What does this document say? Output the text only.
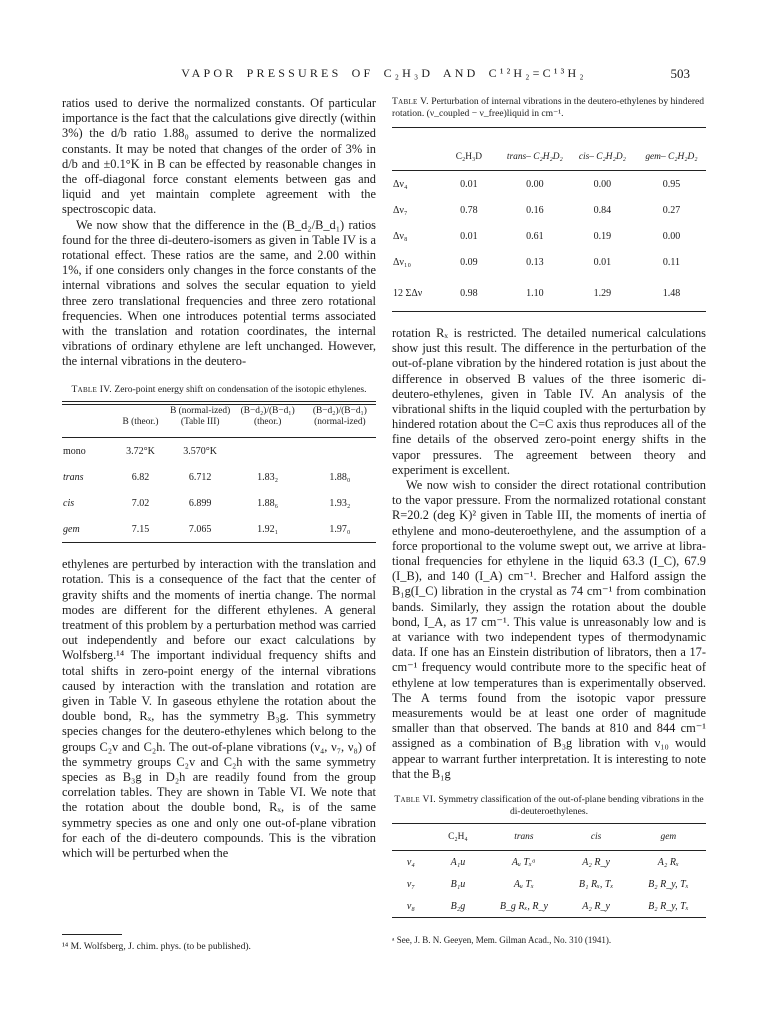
VAPOR PRESSURES OF C₂H₃D AND C¹²H₂=C¹³H₂	503

ratios used to derive the normalized constants. Of particular importance is the fact that the calculations give directly (within 3%) the d/b ratio 1.88₀ assumed to derive the normalized constants. It may be noted that changes of the order of 3% in d/b and ±0.1°K in B can be effected by reasonable changes in the off-diagonal force constant elements between gas and liquid and yet maintain complete agreement with the spectroscopic data.

We now show that the difference in the (B_d₂/B_d₁) ratios found for the three di-deutero-isomers as given in Table IV is a rotational effect. These ratios are the same, and 2.00 within 1%, if one considers only changes in the force constants of the internal vibrations and solves the secular equation to yield three zero translational frequencies and three zero rotational frequencies. When one introduces potential terms associated with the translation and rotation coordinates, the internal vibrations of ordinary ethylene are left unchanged. However, the internal vibrations in the deutero-

Table IV. Zero-point energy shift on condensation of the isotopic ethylenes.

	B (theor.)	B (normal-ized) (Table III)	(B−d₂)/(B−d₁) (theor.)	(B−d₂)/(B−d₁) (normal-ized)

mono	3.72°K	3.570°K		
trans	6.82	6.712	1.83₂	1.88₀
cis	7.02	6.899	1.88₆	1.93₂
gem	7.15	7.065	1.92₁	1.97₀

ethylenes are perturbed by interaction with the translation and rotation. This is a consequence of the fact that the center of gravity shifts and the moments of inertia change. The normal modes are different for the different ethylenes. A general treatment of this problem by a perturbation method was carried out independently and before our exact calculations by Wolfsberg.¹⁴ The important individual frequency shifts and total shifts in zero-point energy of the internal vibrations caused by interaction with the translation and rotation are given in Table V. In gaseous ethylene the rotation about the double bond, Rₓ, has the symmetry B₃g. This symmetry species changes for the deutero-ethylenes which belong to the groups C₂v and C₂h. The out-of-plane vibrations (ν₄, ν₇, ν₈) of the symmetry groups C₂v and C₂h with the same symmetry species as B₃g in D₂h are readily found from the group correlation tables. They are shown in Table VI. We note that the rotation about the double bond, Rₓ, is of the same symmetry species as one and only one out-of-plane vibration for each of the di-deutero compounds. This is the vibration which will be perturbed when the

¹⁴ M. Wolfsberg, J. chim. phys. (to be published).

Table V. Perturbation of internal vibrations in the deutero-ethylenes by hindered rotation. (ν_coupled − ν_free)liquid in cm⁻¹.

	C₂H₃D	trans– C₂H₂D₂	cis– C₂H₂D₂	gem– C₂H₂D₂

Δν₄	0.01	0.00	0.00	0.95
Δν₇	0.78	0.16	0.84	0.27
Δν₈	0.01	0.61	0.19	0.00
Δν₁₀	0.09	0.13	0.01	0.11
12 ΣΔν	0.98	1.10	1.29	1.48

rotation Rₓ is restricted. The detailed numerical calculations show just this result. The difference in the perturbation of the out-of-plane vibration by the hindered rotation is just about the difference in observed B values of the three isomeric di-deutero-ethylenes, given in Table IV. An analysis of the vibrational shifts in the liquid coupled with the perturbation by hindered rotation about the C=C axis thus reproduces all of the fine details of the observed zero-point energy shifts in the vapor pressures. The agreement between theory and experiment is excellent.

We now wish to consider the direct rotational contribution to the vapor pressure. From the normalized rotational constant R=20.2 (deg K)² given in Table III, the moments of inertia of ethylene and mono-deuteroethylene, and the assumption of a force proportional to the volume swept out, we arrive at libra-tional frequencies for ethylene in the liquid 63.3 (I_C), 67.9 (I_B), and 140 (I_A) cm⁻¹. Brecher and Halford assign the B₁g(I_C) libration in the crystal as 74 cm⁻¹ from combination bands. Similarly, they assign the rotation about the double bond, I_A, as 17 cm⁻¹. This value is unreasonably low and is at variance with two independent types of thermodynamic data. If one has an Einstein distribution of librators, then a 17-cm⁻¹ frequency would contribute more to the specific heat of ethylene at low temperatures than is experimentally observed. The A terms found from the isotopic vapor pressure measurements would be at least one order of magnitude smaller than that observed. The bands at 810 and 844 cm⁻¹ assigned as a combination of B₃g libration with ν₁₀ would appear to warrant further interpretation. It is interesting to note that the B₁g

Table VI. Symmetry classification of the out-of-plane bending vibrations in the di-deuteroethylenes.

	C₂H₄	trans	cis	gem

ν₄	A₁u	Aᵤ Tₓᵃ	A₂ R_y	A₂ Rₓ
ν₇	B₁u	Aᵤ Tₓ	B₁ Rₓ, Tₓ	B₂ R_y, Tₓ
ν₈	B₂g	B_g Rₓ, R_y	A₂ R_y	B₂ R_y, Tₓ
ᵃ See, J. B. N. Geeyen, Mem. Gilman Acad., No. 310 (1941).
